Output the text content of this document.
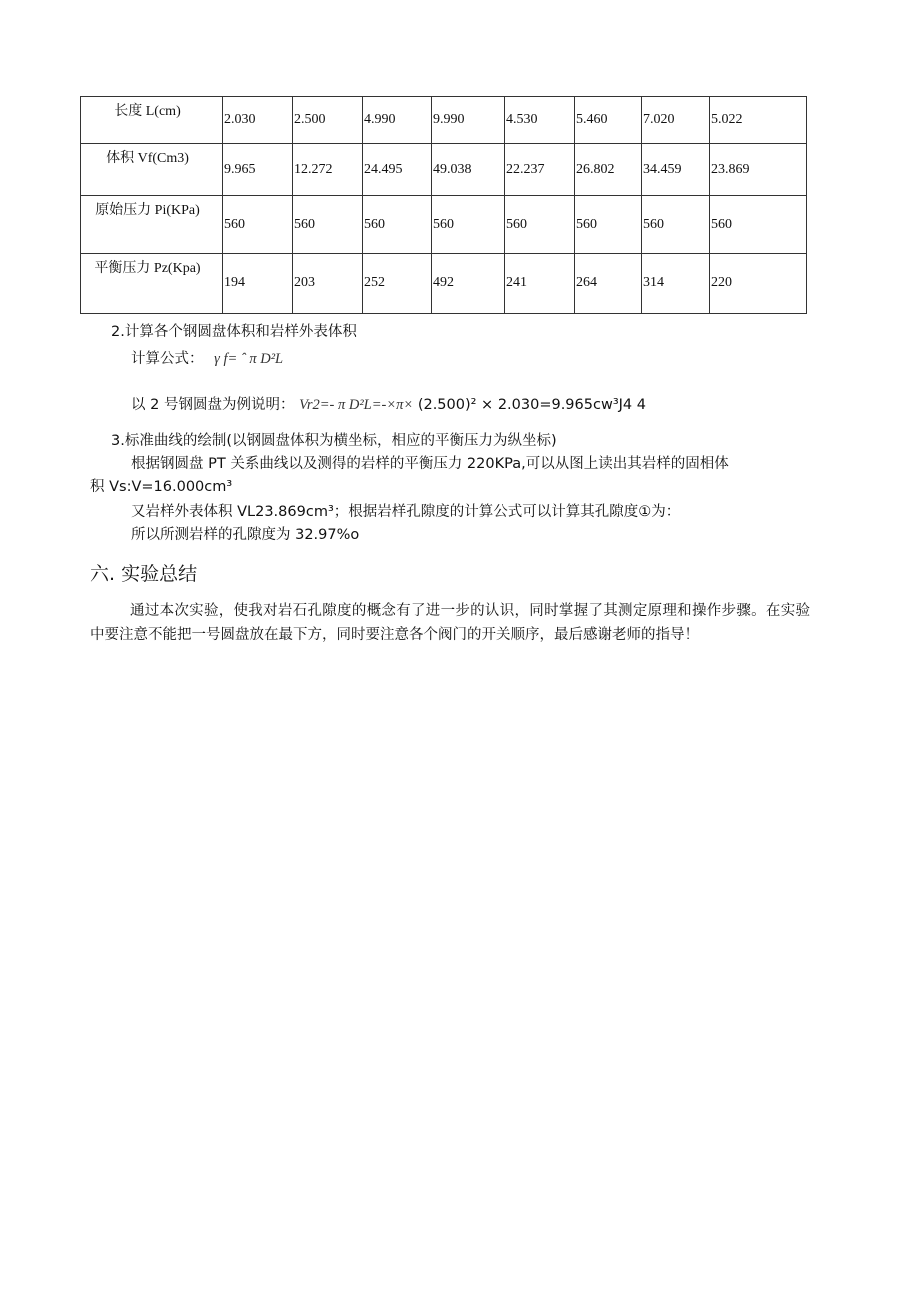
长度 L(cm)	2.030	2.500	4.990	9.990	4.530	5.460	7.020	5.022

体积 Vf(Cm3)	9.965	12.272	24.495	49.038	22.237	26.802	34.459	23.869

原始压力 Pi(KPa)	560	560	560	560	560	560	560	560

平衡压力 Pz(Kpa)	194	203	252	492	241	264	314	220
2.计算各个钢圆盘体积和岩样外表体积
计算公式： γ f= ˆ π D²L
以 2 号钢圆盘为例说明： Vr2=- π D²L=-×π× (2.500)² × 2.030=9.965cw³J4 4
3.标准曲线的绘制(以钢圆盘体积为横坐标，相应的平衡压力为纵坐标)
根据钢圆盘 PT 关系曲线以及测得的岩样的平衡压力 220KPa,可以从图上读出其岩样的固相体
积 Vs:V=16.000cm³
又岩样外表体积 VL23.869cm³；根据岩样孔隙度的计算公式可以计算其孔隙度①为：
所以所测岩样的孔隙度为 32.97%o
六. 实验总结
通过本次实验，使我对岩石孔隙度的概念有了进一步的认识，同时掌握了其测定原理和操作步骤。在实验中要注意不能把一号圆盘放在最下方，同时要注意各个阀门的开关顺序，最后感谢老师的指导！
